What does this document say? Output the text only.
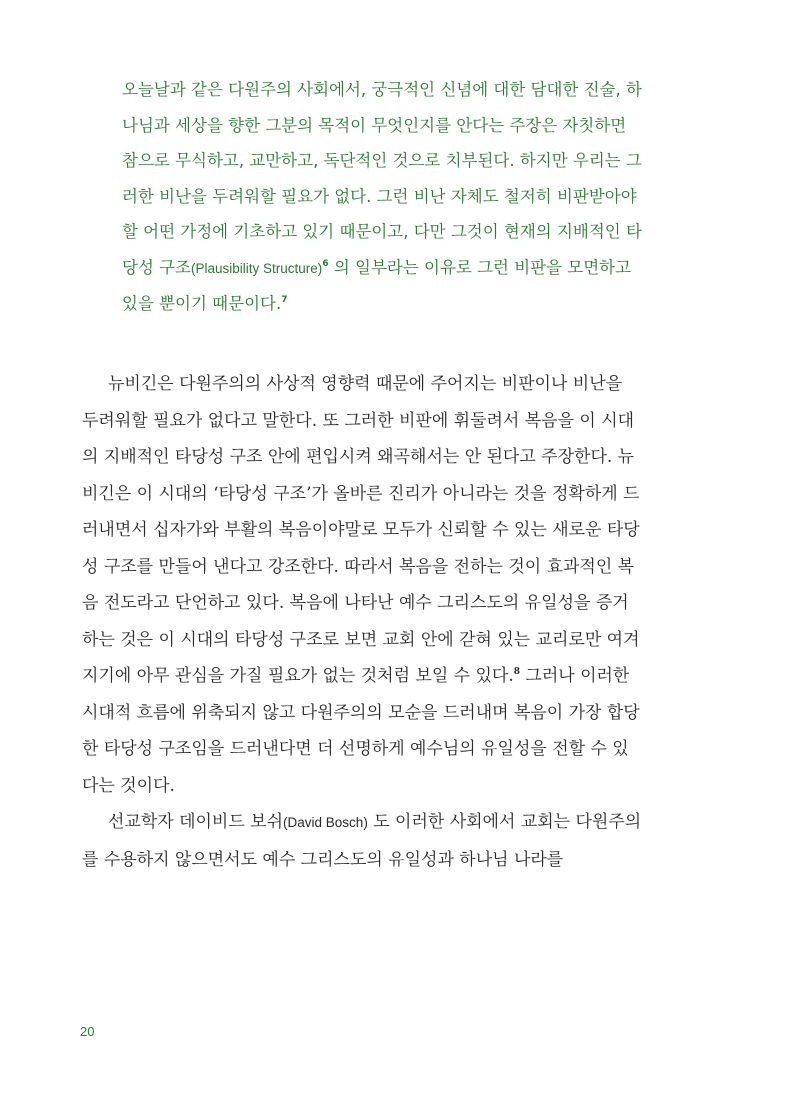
오늘날과 같은 다원주의 사회에서, 궁극적인 신념에 대한 담대한 진술, 하나님과 세상을 향한 그분의 목적이 무엇인지를 안다는 주장은 자칫하면 참으로 무식하고, 교만하고, 독단적인 것으로 치부된다. 하지만 우리는 그러한 비난을 두려워할 필요가 없다. 그런 비난 자체도 철저히 비판받아야 할 어떤 가정에 기초하고 있기 때문이고, 다만 그것이 현재의 지배적인 타당성 구조(Plausibility Structure)$^6$ 의 일부라는 이유로 그런 비판을 모면하고 있을 뿐이기 때문이다.$^7$

뉴비긴은 다원주의의 사상적 영향력 때문에 주어지는 비판이나 비난을 두려워할 필요가 없다고 말한다. 또 그러한 비판에 휘둘려서 복음을 이 시대의 지배적인 타당성 구조 안에 편입시켜 왜곡해서는 안 된다고 주장한다. 뉴비긴은 이 시대의 ‘타당성 구조’가 올바른 진리가 아니라는 것을 정확하게 드러내면서 십자가와 부활의 복음이야말로 모두가 신뢰할 수 있는 새로운 타당성 구조를 만들어 낸다고 강조한다. 따라서 복음을 전하는 것이 효과적인 복음 전도라고 단언하고 있다. 복음에 나타난 예수 그리스도의 유일성을 증거하는 것은 이 시대의 타당성 구조로 보면 교회 안에 갇혀 있는 교리로만 여겨지기에 아무 관심을 가질 필요가 없는 것처럼 보일 수 있다.$^8$ 그러나 이러한 시대적 흐름에 위축되지 않고 다원주의의 모순을 드러내며 복음이 가장 합당한 타당성 구조임을 드러낸다면 더 선명하게 예수님의 유일성을 전할 수 있다는 것이다.

선교학자 데이비드 보쉬(David Bosch) 도 이러한 사회에서 교회는 다원주의를 수용하지 않으면서도 예수 그리스도의 유일성과 하나님 나라를

20
